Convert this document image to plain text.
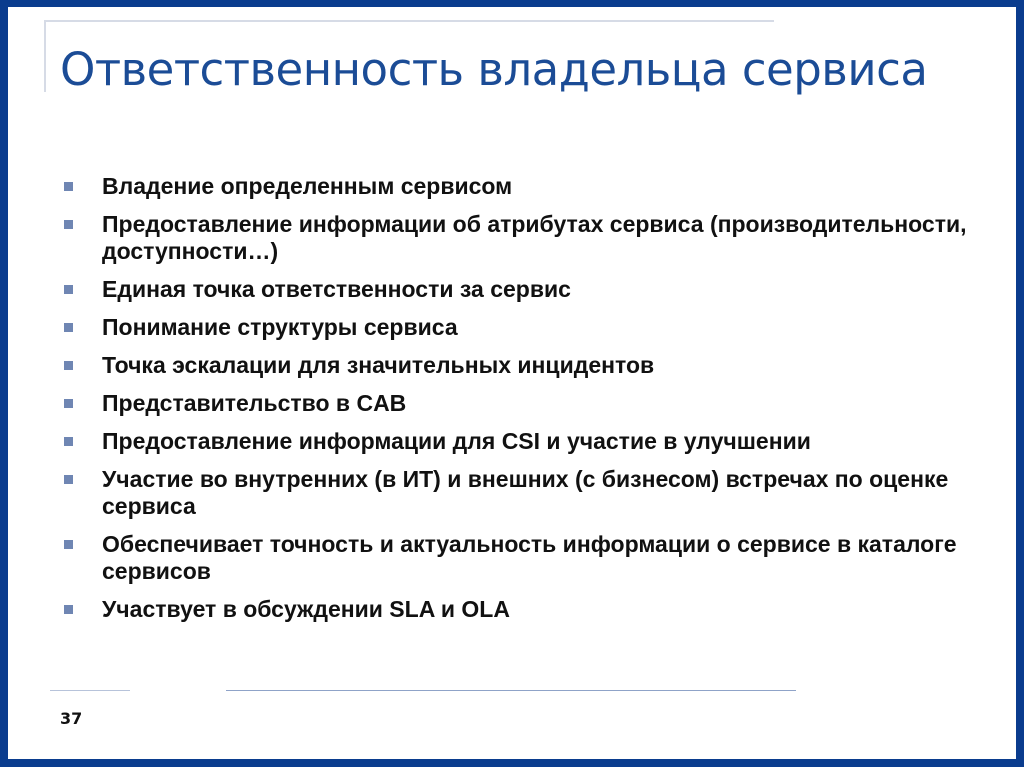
Ответственность владельца сервиса
Владение определенным сервисом
Предоставление информации об атрибутах сервиса (производительности, доступности…)
Единая точка ответственности за сервис
Понимание структуры сервиса
Точка эскалации для значительных инцидентов
Представительство в CAB
Предоставление информации для CSI и участие в улучшении
Участие во внутренних (в ИТ) и внешних (с бизнесом) встречах по оценке сервиса
Обеспечивает точность и актуальность информации о сервисе в каталоге сервисов
Участвует в обсуждении SLA и OLA
37
